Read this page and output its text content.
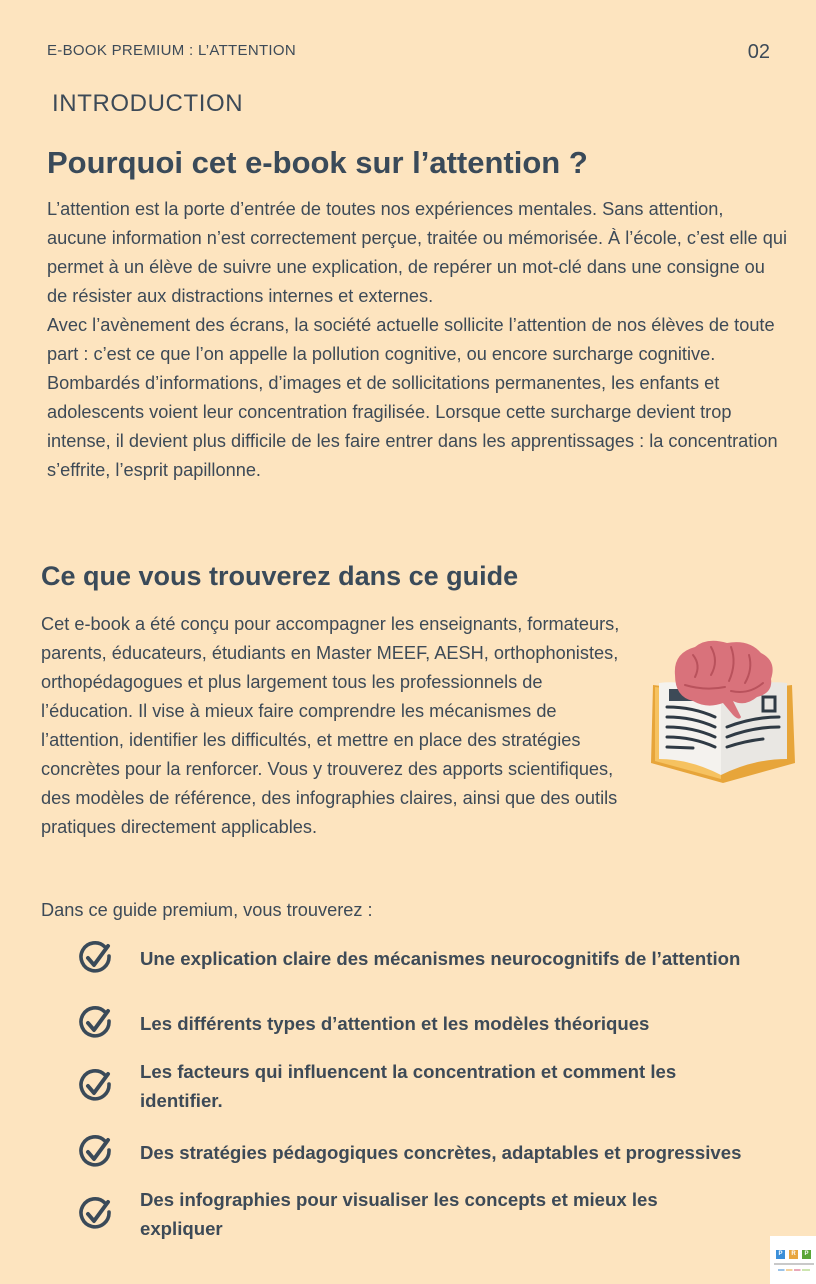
E-BOOK PREMIUM : L’ATTENTION	02
INTRODUCTION
Pourquoi cet e-book sur l’attention ?

L’attention est la porte d’entrée de toutes nos expériences mentales. Sans attention, aucune information n’est correctement perçue, traitée ou mémorisée. À l’école, c’est elle qui permet à un élève de suivre une explication, de repérer un mot-clé dans une consigne ou de résister aux distractions internes et externes.

Avec l’avènement des écrans, la société actuelle sollicite l’attention de nos élèves de toute part : c’est ce que l’on appelle la pollution cognitive, ou encore surcharge cognitive. Bombardés d’informations, d’images et de sollicitations permanentes, les enfants et adolescents voient leur concentration fragilisée. Lorsque cette surcharge devient trop intense, il devient plus difficile de les faire entrer dans les apprentissages : la concentration s’effrite, l’esprit papillonne.

Ce que vous trouverez dans ce guide

Cet e-book a été conçu pour accompagner les enseignants, formateurs, parents, éducateurs, étudiants en Master MEEF, AESH, orthophonistes, orthopédagogues et plus largement tous les professionnels de l’éducation. Il vise à mieux faire comprendre les mécanismes de l’attention, identifier les difficultés, et mettre en place des stratégies concrètes pour la renforcer. Vous y trouverez des apports scientifiques, des modèles de référence, des infographies claires, ainsi que des outils pratiques directement applicables.

Dans ce guide premium, vous trouverez :

Une explication claire des mécanismes neurocognitifs de l’attention
Les différents types d’attention et les modèles théoriques
Les facteurs qui influencent la concentration et comment les identifier.
Des stratégies pédagogiques concrètes, adaptables et progressives
Des infographies pour visualiser les concepts et mieux les expliquer
P	R	P
